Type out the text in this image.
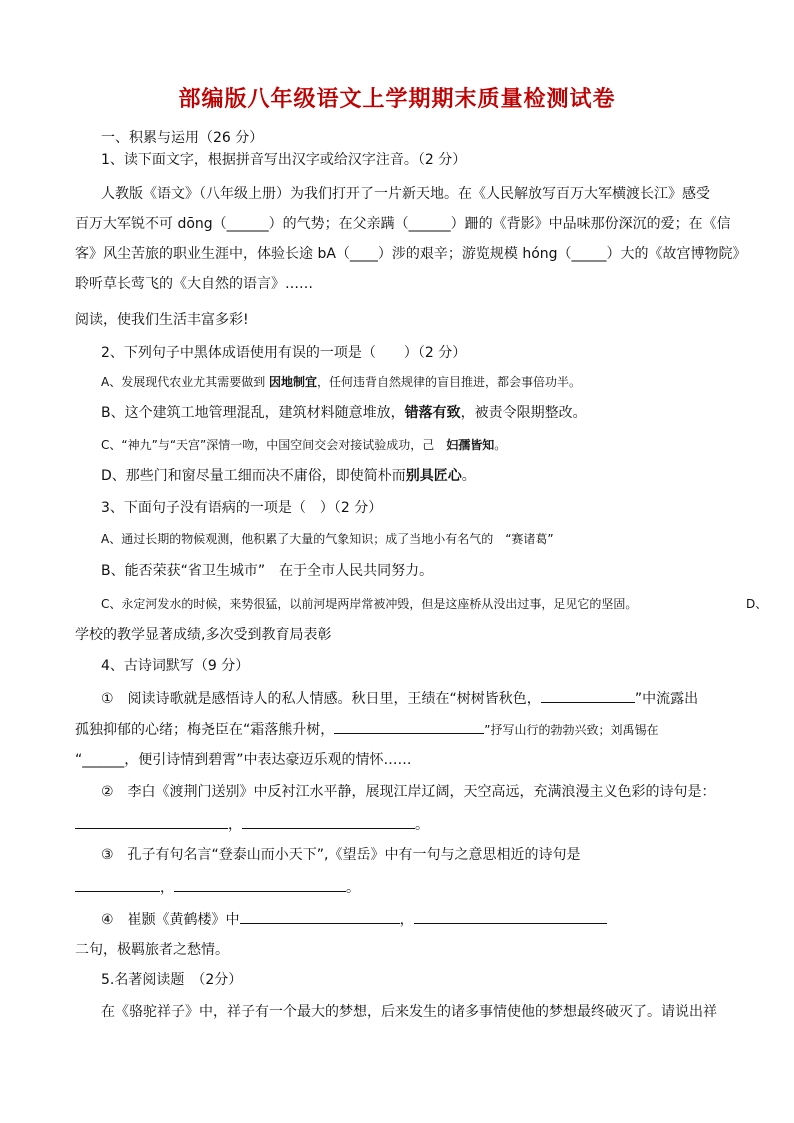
部编版八年级语文上学期期末质量检测试卷
一、积累与运用（26 分）
1、读下面文字，根据拼音写出汉字或给汉字注音。（2 分）
人教版《语文》（八年级上册）为我们打开了一片新天地。在《人民解放写百万大军横渡长江》感受
百万大军锐不可 dōng（______）的气势；在父亲蹒（______）跚的《背影》中品味那份深沉的爱；在《信
客》风尘苦旅的职业生涯中，体验长途 bA（____）涉的艰辛；游览规模 hóng（_____）大的《故宫博物院》
聆听草长莺飞的《大自然的语言》……
阅读，使我们生活丰富多彩!
2、下列句子中黑体成语使用有误的一项是（　　）（2 分）
A、发展现代农业尤其需要做到 因地制宜，任何违背自然规律的盲目推进，都会事倍功半。
B、这个建筑工地管理混乱，建筑材料随意堆放，错落有致，被责令限期整改。
C、“神九”与“天宫”深情一吻，中国空间交会对接试验成功，己　妇孺皆知。
D、那些门和窗尽量工细而决不庸俗，即使简朴而别具匠心。
3、下面句子没有语病的一项是（　）（2 分）
A、通过长期的物候观测，他积累了大量的气象知识；成了当地小有名气的　“赛诸葛”
B、能否荣获“省卫生城市”　在于全市人民共同努力。
C、永定河发水的时候，来势很猛，以前河堤两岸常被冲毁，但是这座桥从没出过事，足见它的坚固。	D、
学校的教学显著成绩,多次受到教育局表彰
4、古诗词默写（9 分）
①　阅读诗歌就是感悟诗人的私人情感。秋日里，王绩在“树树皆秋色，	”中流露出
孤独抑郁的心绪；梅尧臣在“霜落熊升树，	”抒写山行的勃勃兴致；刘禹锡在
“______，便引诗情到碧霄”中表达豪迈乐观的情怀……
②　李白《渡荆门送别》中反衬江水平静，展现江岸辽阔，天空高远，充满浪漫主义色彩的诗句是：
，	。
③　孔子有句名言“登泰山而小天下”,《望岳》中有一句与之意思相近的诗句是
，	。
④　崔颢《黄鹤楼》中	，
二句，极羁旅者之愁情。
5.名著阅读题　（2分）
在《骆驼祥子》中，祥子有一个最大的梦想，后来发生的诸多事情使他的梦想最终破灭了。请说出祥
